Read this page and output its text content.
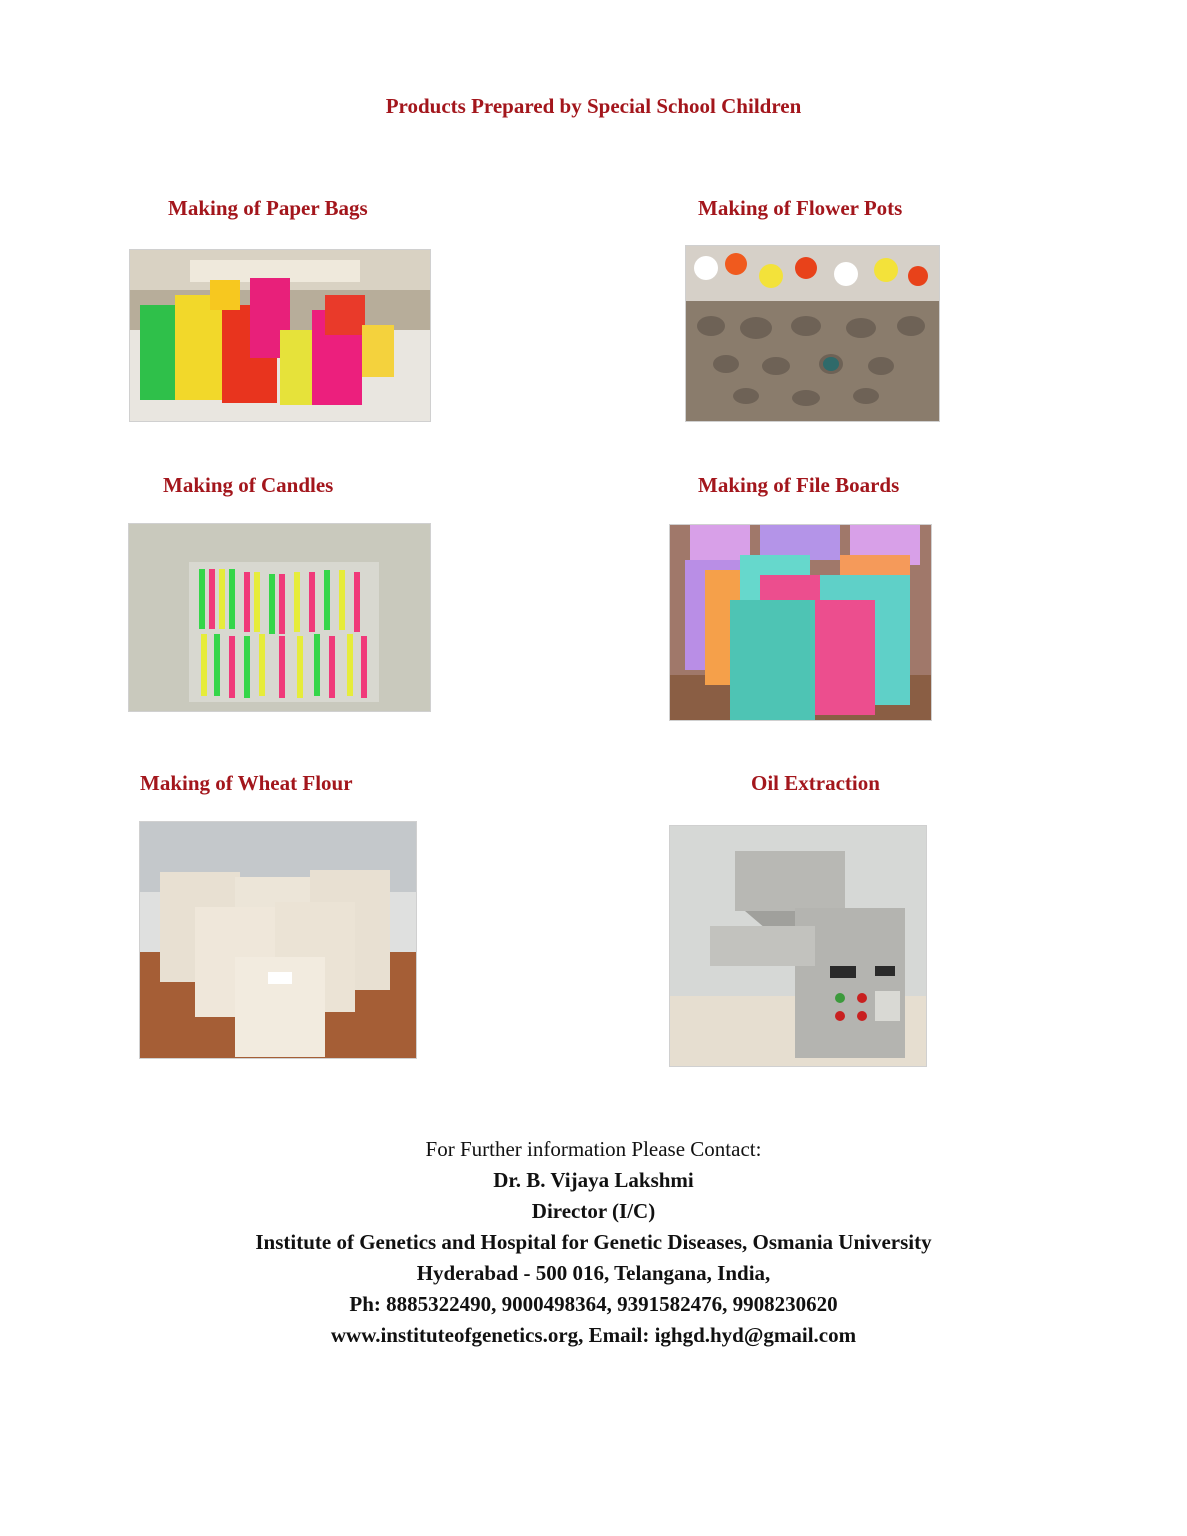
Products Prepared by Special School Children
Making of Paper Bags	Making of Flower Pots
Making of Candles	Making of File Boards
Making of Wheat Flour	Oil Extraction
For Further information Please Contact:
Dr. B. Vijaya Lakshmi
Director (I/C)
Institute of Genetics and Hospital for Genetic Diseases, Osmania University
Hyderabad - 500 016, Telangana, India,
Ph: 8885322490, 9000498364, 9391582476, 9908230620
www.instituteofgenetics.org, Email: ighgd.hyd@gmail.com
